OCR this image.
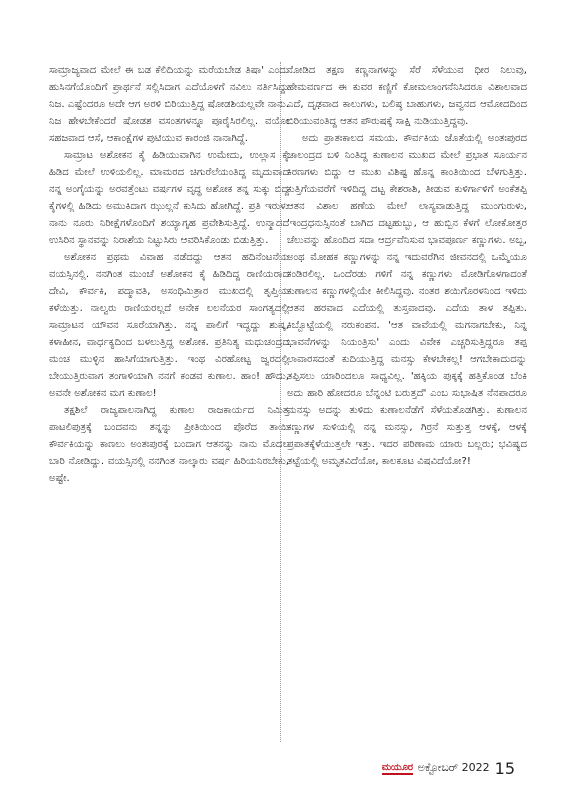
ಸಾಮ್ರಾಜ್ಯವಾದ ಮೇಲೆ ಈ ಬಡ ಕೆಲಿದಿಯನ್ನು ಮರೆಯಬೇಡ ತಿಷಾ' ಎಂದು ಹುಸಿನಗೆಯೊಂದಿಗೆ ಪ್ರಾರ್ಥನೆ ಸಲ್ಲಿಸಿದಾಗ ಎದೆಯೊಳಗೆ ನವಿಲು ನರ್ತಿಸಿದ್ದು ನಿಜ. ಎಷ್ಟೆಂದರೂ ಅದೇ ಆಗ ಅರಳಿ ಬಿರಿಯುತ್ತಿದ್ದ ಷೋಡಶಿಯಲ್ಲವೇ ನಾನು. ನಿಜ ಹೇಳಬೇಕೆಂದರೆ ಷೋಡಶ ವಸಂತಗಳನ್ನೂ ಪೂರೈಸಿರಲಿಲ್ಲ. ವಯೋ ಸಹಜವಾದ ಆಸೆ, ಆಕಾಂಕ್ಷೆಗಳ ಪುಟಿಯುವ ಕಾರಂಜಿ ನಾನಾಗಿದ್ದೆ.

ಸಾಮ್ರಾಟ ಅಶೋಕನ ಕೈ ಹಿಡಿಯುವಾಗಿನ ಉಮೇದು, ಉಲ್ಲಾಸ ಕೈ ಹಿಡಿದ ಮೇಲೆ ಉಳಿಯಲಿಲ್ಲ. ಮಾಮರದ ಚಿಗುರೆಲೆಯಂತಿದ್ದ ಮೃದುವಾದ ನನ್ನ ಅಂಗೈಯನ್ನು ಅರವತ್ತೆಂಟು ವರ್ಷಗಳ ವೃದ್ಧ ಅಶೋಕ ತನ್ನ ಸುಕ್ಕು ಬಿದ್ದ ಕೈಗಳಲ್ಲಿ ಹಿಡಿದು ಅಮುಕಿದಾಗ ಝುಲ್ಲನೆ ಕುಸಿದು ಹೋಗಿದ್ದೆ. ಪ್ರತಿ ಇರುಳು ನಾನು ನೂರು ನಿರೀಕ್ಷೆಗಳೊಂದಿಗೆ ಶಯ್ಯಾಗೃಹ ಪ್ರವೇಶಿಸುತ್ತಿದ್ದೆ. ಉನ್ಮಾದದ ಉಸಿರಿನ ಸ್ಥಾನವನ್ನು ನಿರಾಶೆಯ ನಿಟ್ಟುಸಿರು ಆವರಿಸಿಕೊಂಡು ಬಿಡುತ್ತಿತ್ತು.

ಅಶೋಕನ ಪ್ರಥಮ ವಿವಾಹ ನಡೆದದ್ದು ಆತನ ಹದಿನೆಂಟನೆಯ ವಯಸ್ಸಿನಲ್ಲಿ. ನನಗಿಂತ ಮುಂಚೆ ಅಶೋಕನ ಕೈ ಹಿಡಿದಿದ್ದ ರಾಣಿಯರಾದ ದೇವಿ, ಕೌರ್ವಕಿ, ಪದ್ಮಾವತಿ, ಅಸಂಧಿಮಿತ್ರಾರ ಮುಖದಲ್ಲಿ ತೃಪ್ತಿಯ ಕಳೆಯಿತ್ತು. ನಾಲ್ವರು ರಾಣಿಯರಲ್ಲದೆ ಅನೇಕ ಲಲನೆಯರ ಸಾಂಗತ್ಯದಲ್ಲಿ ಸಾಮ್ರಾಟನ ಯೌವನ ಸೂರೆಯಾಗಿತ್ತು. ನನ್ನ ಪಾಲಿಗೆ ಇದ್ದದ್ದು ಶುಷ್ಕ, ಕಳಾಹೀನ, ವಾರ್ಧಕ್ಯದಿಂದ ಬಳಲುತ್ತಿದ್ದ ಅಶೋಕ. ಪ್ರತಿನಿತ್ಯ ಮಧುಚಂದ್ರದ ಮಂಚ ಮುಳ್ಳಿನ ಹಾಸಿಗೆಯಾಗುತ್ತಿತ್ತು. ಇಂಥ ವಿರಹೋಟ್ಟ ಜ್ವರದಲ್ಲಿ ಬೇಯುತ್ತಿರುವಾಗ ತಂಗಾಳಿಯಾಗಿ ನನಗೆ ಕಂಡವ ಕುಣಾಲ. ಹಾಂ! ಹೌದು, ಅವನೇ ಅಶೋಕನ ಮಗ ಕುಣಾಲ!

ತಕ್ಷಶಿಲೆ ರಾಜ್ಯಪಾಲನಾಗಿದ್ದ ಕುಣಾಲ ರಾಜಕಾರ್ಯದ ನಿಮಿತ್ತ ಪಾಟಲಿಪುತ್ರಕ್ಕೆ ಬಂದವನು ತನ್ನನ್ನು ಪ್ರೀತಿಯಿಂದ ಪೊರೆದ ತಾಯಿ ಕೌರ್ವಕಿಯನ್ನು ಕಾಣಲು ಅಂತಃಪುರಕ್ಕೆ ಬಂದಾಗ ಆತನನ್ನು ನಾನು ಮೊದಲ ಬಾರಿ ನೋಡಿದ್ದು. ವಯಸ್ಸಿನಲ್ಲಿ ನನಗಿಂತ ನಾಲ್ಕಾರು ವರ್ಷ ಹಿರಿಯನಿರಬೇಕು, ಅಷ್ಟೇ.

ನೋಡಿದ ತಕ್ಷಣ ಕಣ್ಣನಾಗಳನ್ನು ಸೆರೆ ಸೆಳೆಯುವ ಧೀರ ನಿಲುವು, ಹೇಮವರ್ಣದ ಈ ಕುವರ ಕಣ್ಣಿಗೆ ಕೋಮಲಾಂಗನೆನಿಸಿದರೂ ವಿಶಾಲವಾದ ಎದೆ, ದೃಢವಾದ ಕಾಲುಗಳು, ಬಲಿಷ್ಠ ಬಾಹುಗಳು, ಜವ್ವನದ ಆಮೋದದಿಂದ ಬಿರಿಯುವಂತಿದ್ದ ಆತನ ಪೌರುಷಕ್ಕೆ ಸಾಕ್ಷಿ ನುಡಿಯುತ್ತಿದ್ದವು.

ಅದು ಪ್ರಾತಃಕಾಲದ ಸಮಯ. ಕೌರ್ವಕಿಯ ಜೊತೆಯಲ್ಲಿ ಅಂತಃಪುರದ ಜಾಲಂದ್ರದ ಬಳಿ ನಿಂತಿದ್ದ ಕುಣಾಲನ ಮುಖದ ಮೇಲೆ ಪ್ರಭಾತ ಸೂರ್ಯನ ಕಿರಣಗಳು ಬಿದ್ದು ಆ ಮುಖ ವಿಶಿಷ್ಟ ಹೊನ್ನ ಕಾಂತಿಯಿಂದ ಬೆಳಗುತ್ತಿತ್ತು. ಕುತ್ತಿಗೆಯವರೆಗೆ ಇಳಿದಿದ್ದ ದಟ್ಟ ಕೇಶರಾಶಿ, ತೀಡುವ ಕುಳಿರ್ಗಾಳಿಗೆ ಅಂಕೆತಪ್ಪಿ ಆತನ ವಿಶಾಲ ಹಣೆಯ ಮೇಲೆ ಲಾಸ್ಯವಾಡುತ್ತಿದ್ದ ಮುಂಗುರುಳು, 'ಇಂದ್ರಧನುಸ್ಸಿನಂತೆ ಬಾಗಿದ ದಟ್ಟಹುಬ್ಬು, ಆ ಹುಬ್ಬಿನ ಕೆಳಗೆ ಲೋಕೋತ್ತರ ಚೆಲುವನ್ನು ಹೊಂದಿದ ಸದಾ ಆರ್ದ್ರವೆನಿಸುವ ಭಾವಪೂರ್ಣ ಕಣ್ಣುಗಳು. ಅಬ್ಬ, ಅಂಥ ಮೋಹಕ ಕಣ್ಣುಗಳನ್ನು ನನ್ನ ಇದುವರೆಗಿನ ಜೀವನದಲ್ಲಿ ಒಮ್ಮೆಯೂ ಕಂಡಿರಲಿಲ್ಲ. ಒಂದೆರಡು ಗಳಿಗೆ ನನ್ನ ಕಣ್ಣುಗಳು ಮೋಡಿಗೊಳಗಾದಂತೆ ಕುಣಾಲನ ಕಣ್ಣುಗಳಲ್ಲಿಯೇ ಕೀಲಿಸಿದ್ದವು. ನಂತರ ಶಯಿಗೊರಳನಿಂದ ಇಳಿದು ಆತನ ಹರವಾದ ಎದೆಯಲ್ಲಿ ತುಸ್ತವಾದವು. ಎದೆಯ ತಾಳ ತಪ್ಪಿತು. ಕಿಬ್ಬೊಟ್ಟೆಯಲ್ಲಿ ನರುಕಂಪನ. 'ಆತ ವಾವೆಯಲ್ಲಿ ಮಗನಾಗಬೇಕು, ನಿನ್ನ ಭಾವನೆಗಳನ್ನು ನಿಯಂತ್ರಿಸು' ಎಂದು ವಿವೇಕ ಎಚ್ಚರಿಸುತ್ತಿದ್ದರೂ ತಪ್ಪ ಲಾವಾರಸದಂತೆ ಕುದಿಯುತ್ತಿದ್ದ ಮನಸ್ಸು ಕೇಳಬೇಕಲ್ಲ! ಆಗಬೇಕಾದುದನ್ನು ತಪ್ಪಿಸಲು ಯಾರಿಂದಲೂ ಸಾಧ್ಯವಿಲ್ಲ. 'ಹಕ್ಕಿಯ ಪುಕ್ಕಕ್ಕೆ ಹತ್ತಿಕೊಂಡ ಬೆಂಕಿ ಅದು ಹಾರಿ ಹೋದರೂ ಬೆನ್ನಂಟಿ ಬರುತ್ತದೆ' ಎಂಬ ಸುಭಾಷಿತ ನೆನಪಾದರೂ ಮನಸ್ಸು ಅದನ್ನು ತುಳಿದು ಕುಣಾಲನೆಡೆಗೆ ಸೆಳೆಯತೊಡಗಿತ್ತು. ಕುಣಾಲನ ಕಣ್ಣುಗಳ ಸುಳಿಯಲ್ಲಿ ನನ್ನ ಮನಸ್ಸು, ಗಿರ್ರನೆ ಸುತ್ತುತ್ತ ಆಳಕ್ಕೆ, ಆಳಕ್ಕೆ ಪ್ರಪಾತಕ್ಕೆಳೆಯುತ್ತಲೇ ಇತ್ತು. ಇದರ ಪರಿಣಾಮ ಯಾರು ಬಲ್ಲರು; ಭವಿಷ್ಯದ ತಟ್ಟೆಯಲ್ಲಿ ಅಮೃತವಿದೆಯೋ, ಕಾಲಕೂಟ ವಿಷವಿದೆಯೋ?!

ಮಯೂರ ಅಕ್ಟೋಬರ್ 2022 15
